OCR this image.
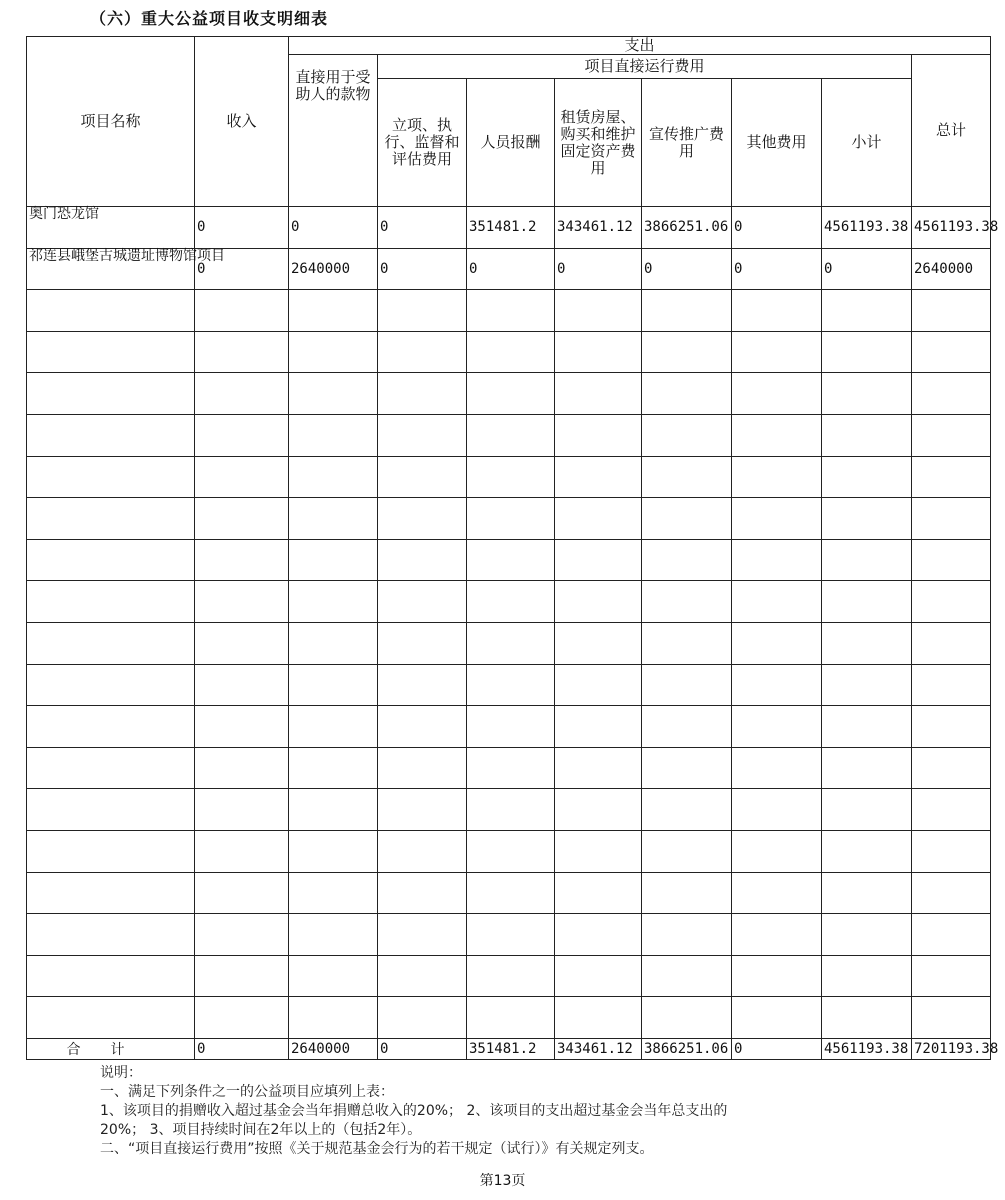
（六）重大公益项目收支明细表
项目名称	收入	支出							
		直接用于受助人的款物	项目直接运行费用						总计
			立项、执行、监督和评估费用	人员报酬	租赁房屋、购买和维护固定资产费用	宣传推广费用	其他费用	小计	
奥门恐龙馆	0	0	0	351481.2	343461.12	3866251.06	0	4561193.38	4561193.38
祁连县峨堡古城遗址博物馆项目	0	2640000	0	0	0	0	0	0	2640000

合计	0	2640000	0	351481.2	343461.12	3866251.06	0	4561193.38	7201193.38
说明：
一、满足下列条件之一的公益项目应填列上表：
1、该项目的捐赠收入超过基金会当年捐赠总收入的20%； 2、该项目的支出超过基金会当年总支出的
20%； 3、项目持续时间在2年以上的（包括2年）。
二、“项目直接运行费用”按照《关于规范基金会行为的若干规定（试行）》有关规定列支。
第13页
